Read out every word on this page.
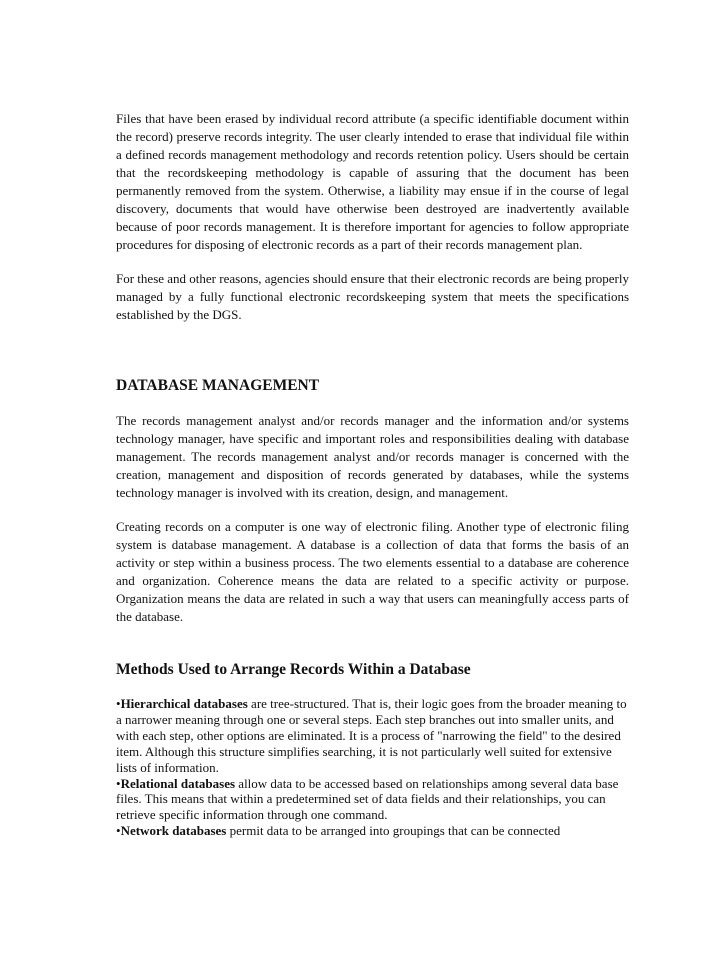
Files that have been erased by individual record attribute (a specific identifiable document within the record) preserve records integrity. The user clearly intended to erase that individual file within a defined records management methodology and records retention policy. Users should be certain that the recordskeeping methodology is capable of assuring that the document has been permanently removed from the system. Otherwise, a liability may ensue if in the course of legal discovery, documents that would have otherwise been destroyed are inadvertently available because of poor records management. It is therefore important for agencies to follow appropriate procedures for disposing of electronic records as a part of their records management plan.

For these and other reasons, agencies should ensure that their electronic records are being properly managed by a fully functional electronic recordskeeping system that meets the specifications established by the DGS.

DATABASE MANAGEMENT

The records management analyst and/or records manager and the information and/or systems technology manager, have specific and important roles and responsibilities dealing with database management. The records management analyst and/or records manager is concerned with the creation, management and disposition of records generated by databases, while the systems technology manager is involved with its creation, design, and management.

Creating records on a computer is one way of electronic filing. Another type of electronic filing system is database management. A database is a collection of data that forms the basis of an activity or step within a business process. The two elements essential to a database are coherence and organization. Coherence means the data are related to a specific activity or purpose. Organization means the data are related in such a way that users can meaningfully access parts of the database.

Methods Used to Arrange Records Within a Database

•Hierarchical databases are tree-structured. That is, their logic goes from the broader meaning to a narrower meaning through one or several steps. Each step branches out into smaller units, and with each step, other options are eliminated. It is a process of "narrowing the field" to the desired item. Although this structure simplifies searching, it is not particularly well suited for extensive lists of information.

•Relational databases allow data to be accessed based on relationships among several data base files. This means that within a predetermined set of data fields and their relationships, you can retrieve specific information through one command.

•Network databases permit data to be arranged into groupings that can be connected
